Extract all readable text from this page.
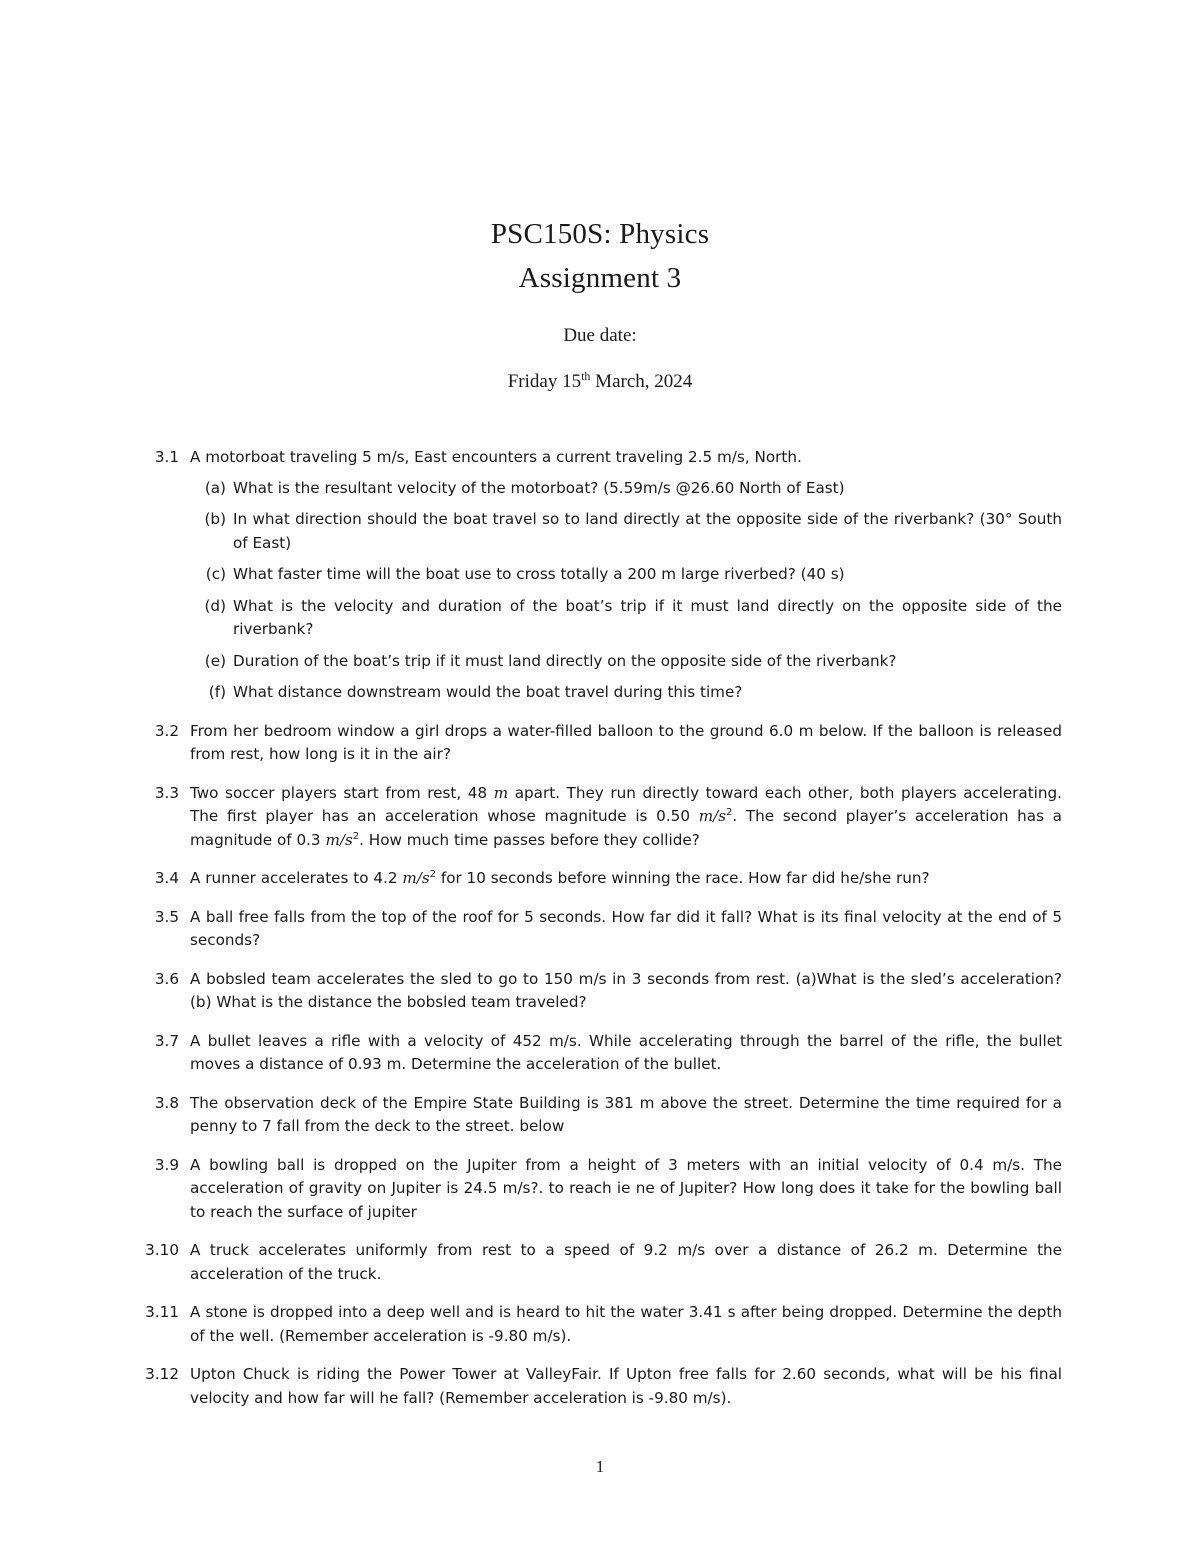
PSC150S: Physics
Assignment 3
Due date:
Friday 15th March, 2024
3.1 A motorboat traveling 5 m/s, East encounters a current traveling 2.5 m/s, North.
(a) What is the resultant velocity of the motorboat? (5.59m/s @26.60 North of East)
(b) In what direction should the boat travel so to land directly at the opposite side of the riverbank? (30° South of East)
(c) What faster time will the boat use to cross totally a 200 m large riverbed? (40 s)
(d) What is the velocity and duration of the boat’s trip if it must land directly on the opposite side of the riverbank?
(e) Duration of the boat’s trip if it must land directly on the opposite side of the riverbank?
(f) What distance downstream would the boat travel during this time?
3.2 From her bedroom window a girl drops a water-filled balloon to the ground 6.0 m below. If the balloon is released from rest, how long is it in the air?
3.3 Two soccer players start from rest, 48 m apart. They run directly toward each other, both players accelerating. The first player has an acceleration whose magnitude is 0.50 $m/s^2$. The second player’s acceleration has a magnitude of 0.3 $m/s^2$. How much time passes before they collide?
3.4 A runner accelerates to 4.2 $m/s^2$ for 10 seconds before winning the race. How far did he/she run?
3.5 A ball free falls from the top of the roof for 5 seconds. How far did it fall? What is its final velocity at the end of 5 seconds?
3.6 A bobsled team accelerates the sled to go to 150 m/s in 3 seconds from rest. (a)What is the sled’s acceleration? (b) What is the distance the bobsled team traveled?
3.7 A bullet leaves a rifle with a velocity of 452 m/s. While accelerating through the barrel of the rifle, the bullet moves a distance of 0.93 m. Determine the acceleration of the bullet.
3.8 The observation deck of the Empire State Building is 381 m above the street. Determine the time required for a penny to 7 fall from the deck to the street. below
3.9 A bowling ball is dropped on the Jupiter from a height of 3 meters with an initial velocity of 0.4 m/s. The acceleration of gravity on Jupiter is 24.5 m/s?. to reach ie ne of Jupiter? How long does it take for the bowling ball to reach the surface of jupiter
3.10 A truck accelerates uniformly from rest to a speed of 9.2 m/s over a distance of 26.2 m. Determine the acceleration of the truck.
3.11 A stone is dropped into a deep well and is heard to hit the water 3.41 s after being dropped. Determine the depth of the well. (Remember acceleration is -9.80 m/s).
3.12 Upton Chuck is riding the Power Tower at ValleyFair. If Upton free falls for 2.60 seconds, what will be his final velocity and how far will he fall? (Remember acceleration is -9.80 m/s).
1
